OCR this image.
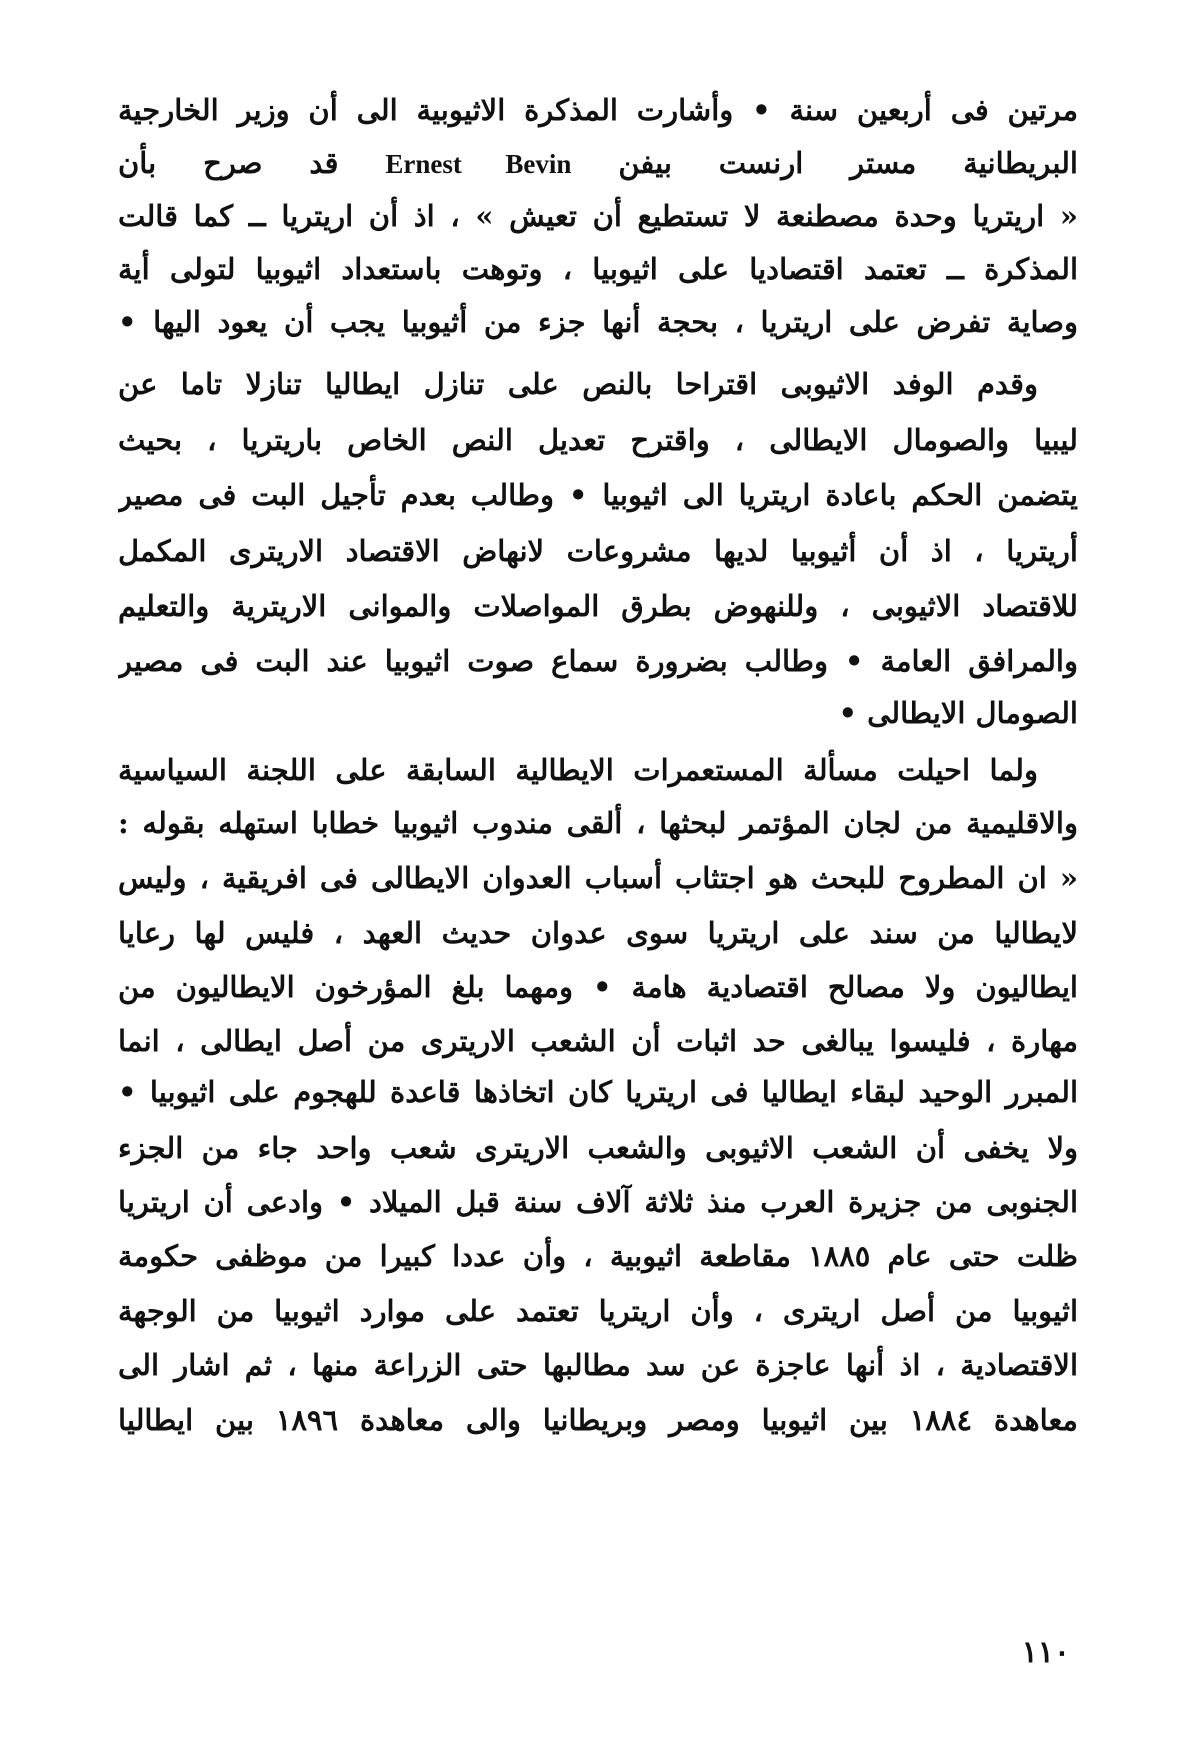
مرتين فى أربعين سنة • وأشارت المذكرة الاثيوبية الى أن وزير الخارجية
البريطانية مستر ارنست بيفن Ernest Bevin قد صرح بأن
« اريتريا وحدة مصطنعة لا تستطيع أن تعيش » ، اذ أن اريتريا ــ كما قالت
المذكرة ــ تعتمد اقتصاديا على اثيوبيا ، وتوهت باستعداد اثيوبيا لتولى أية
وصاية تفرض على اريتريا ، بحجة أنها جزء من أثيوبيا يجب أن يعود اليها •
وقدم الوفد الاثيوبى اقتراحا بالنص على تنازل ايطاليا تنازلا تاما عن
ليبيا والصومال الايطالى ، واقترح تعديل النص الخاص باريتريا ، بحيث
يتضمن الحكم باعادة اريتريا الى اثيوبيا • وطالب بعدم تأجيل البت فى مصير
أريتريا ، اذ أن أثيوبيا لديها مشروعات لانهاض الاقتصاد الاريترى المكمل
للاقتصاد الاثيوبى ، وللنهوض بطرق المواصلات والموانى الاريترية والتعليم
والمرافق العامة • وطالب بضرورة سماع صوت اثيوبيا عند البت فى مصير
الصومال الايطالى •
ولما احيلت مسألة المستعمرات الايطالية السابقة على اللجنة السياسية
والاقليمية من لجان المؤتمر لبحثها ، ألقى مندوب اثيوبيا خطابا استهله بقوله :
« ان المطروح للبحث هو اجتثاب أسباب العدوان الايطالى فى افريقية ، وليس
لايطاليا من سند على اريتريا سوى عدوان حديث العهد ، فليس لها رعايا
ايطاليون ولا مصالح اقتصادية هامة • ومهما بلغ المؤرخون الايطاليون من
مهارة ، فليسوا يبالغى حد اثبات أن الشعب الاريترى من أصل ايطالى ، انما
المبرر الوحيد لبقاء ايطاليا فى اريتريا كان اتخاذها قاعدة للهجوم على اثيوبيا •
ولا يخفى أن الشعب الاثيوبى والشعب الاريترى شعب واحد جاء من الجزء
الجنوبى من جزيرة العرب منذ ثلاثة آلاف سنة قبل الميلاد • وادعى أن اريتريا
ظلت حتى عام ١٨٨٥ مقاطعة اثيوبية ، وأن عددا كبيرا من موظفى حكومة
اثيوبيا من أصل اريترى ، وأن اريتريا تعتمد على موارد اثيوبيا من الوجهة
الاقتصادية ، اذ أنها عاجزة عن سد مطالبها حتى الزراعة منها ، ثم اشار الى
معاهدة ١٨٨٤ بين اثيوبيا ومصر وبريطانيا والى معاهدة ١٨٩٦ بين ايطاليا
١١٠
